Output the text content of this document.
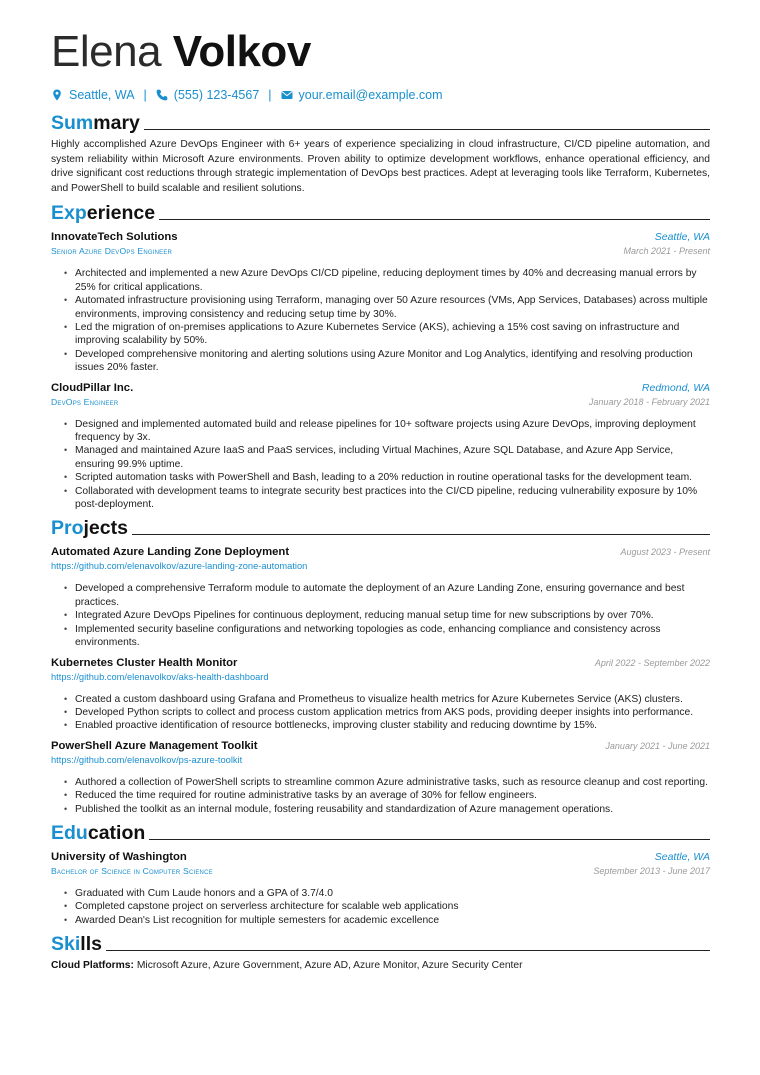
Elena Volkov
Seattle, WA | (555) 123-4567 | your.email@example.com
Summary

Highly accomplished Azure DevOps Engineer with 6+ years of experience specializing in cloud infrastructure, CI/CD pipeline automation, and system reliability within Microsoft Azure environments. Proven ability to optimize development workflows, enhance operational efficiency, and drive significant cost reductions through strategic implementation of DevOps best practices. Adept at leveraging tools like Terraform, Kubernetes, and PowerShell to build scalable and resilient solutions.

Experience
InnovateTech Solutions	Seattle, WA
Senior Azure DevOps Engineer	March 2021 - Present
• Architected and implemented a new Azure DevOps CI/CD pipeline, reducing deployment times by 40% and decreasing manual errors by 25% for critical applications.
• Automated infrastructure provisioning using Terraform, managing over 50 Azure resources (VMs, App Services, Databases) across multiple environments, improving consistency and reducing setup time by 30%.
• Led the migration of on-premises applications to Azure Kubernetes Service (AKS), achieving a 15% cost saving on infrastructure and improving scalability by 50%.
• Developed comprehensive monitoring and alerting solutions using Azure Monitor and Log Analytics, identifying and resolving production issues 20% faster.
CloudPillar Inc.	Redmond, WA
DevOps Engineer	January 2018 - February 2021
• Designed and implemented automated build and release pipelines for 10+ software projects using Azure DevOps, improving deployment frequency by 3x.
• Managed and maintained Azure IaaS and PaaS services, including Virtual Machines, Azure SQL Database, and Azure App Service, ensuring 99.9% uptime.
• Scripted automation tasks with PowerShell and Bash, leading to a 20% reduction in routine operational tasks for the development team.
• Collaborated with development teams to integrate security best practices into the CI/CD pipeline, reducing vulnerability exposure by 10% post-deployment.
Projects
Automated Azure Landing Zone Deployment	August 2023 - Present
https://github.com/elenavolkov/azure-landing-zone-automation
• Developed a comprehensive Terraform module to automate the deployment of an Azure Landing Zone, ensuring governance and best practices.
• Integrated Azure DevOps Pipelines for continuous deployment, reducing manual setup time for new subscriptions by over 70%.
• Implemented security baseline configurations and networking topologies as code, enhancing compliance and consistency across environments.
Kubernetes Cluster Health Monitor	April 2022 - September 2022
https://github.com/elenavolkov/aks-health-dashboard
• Created a custom dashboard using Grafana and Prometheus to visualize health metrics for Azure Kubernetes Service (AKS) clusters.
• Developed Python scripts to collect and process custom application metrics from AKS pods, providing deeper insights into performance.
• Enabled proactive identification of resource bottlenecks, improving cluster stability and reducing downtime by 15%.
PowerShell Azure Management Toolkit	January 2021 - June 2021
https://github.com/elenavolkov/ps-azure-toolkit
• Authored a collection of PowerShell scripts to streamline common Azure administrative tasks, such as resource cleanup and cost reporting.
• Reduced the time required for routine administrative tasks by an average of 30% for fellow engineers.
• Published the toolkit as an internal module, fostering reusability and standardization of Azure management operations.
Education
University of Washington	Seattle, WA
Bachelor of Science in Computer Science	September 2013 - June 2017
• Graduated with Cum Laude honors and a GPA of 3.7/4.0
• Completed capstone project on serverless architecture for scalable web applications
• Awarded Dean's List recognition for multiple semesters for academic excellence
Skills
Cloud Platforms: Microsoft Azure, Azure Government, Azure AD, Azure Monitor, Azure Security Center
